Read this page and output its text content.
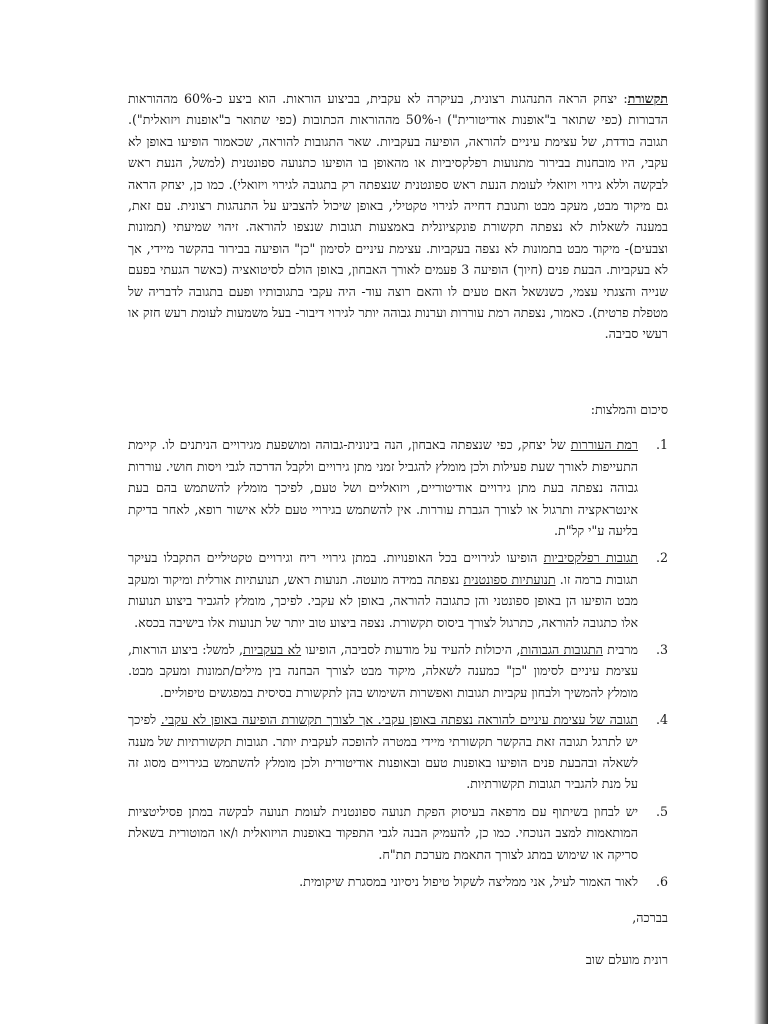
תקשורת: יצחק הראה התנהגות רצונית, בעיקרה לא עקבית, בביצוע הוראות. הוא ביצע כ-60% מההוראות הדבורות (כפי שתואר ב"אופנות אודיטורית") ו-50% מההוראות הכתובות (כפי שתואר ב"אופנות ויזואלית"). תגובה בודדת, של עצימת עיניים להוראה, הופיעה בעקביות. שאר התגובות להוראה, שכאמור הופיעו באופן לא עקבי, היו מובחנות בבירור מתנועות רפלקסיביות או מהאופן בו הופיעו כתנועה ספונטנית (למשל, הנעת ראש לבקשה וללא גירוי ויזואלי לעומת הנעת ראש ספונטנית שנצפתה רק בתגובה לגירוי ויזואלי). כמו כן, יצחק הראה גם מיקוד מבט, מעקב מבט ותגובת דחייה לגירוי טקטילי, באופן שיכול להצביע על התנהגות רצונית. עם זאת, במענה לשאלות לא נצפתה תקשורת פונקציונלית באמצעות תגובות שנצפו להוראה. זיהוי שמיעתי (תמונות וצבעים)- מיקוד מבט בתמונות לא נצפה בעקביות. עצימת עיניים לסימון "כן" הופיעה בבירור בהקשר מיידי, אך לא בעקביות. הבעת פנים (חיוך) הופיעה 3 פעמים לאורך האבחון, באופן הולם לסיטואציה (כאשר הגעתי בפעם שנייה והצגתי עצמי, כשנשאל האם טעים לו והאם רוצה עוד- היה עקבי בתגובותיו ופעם בתגובה לדבריה של מטפלת פרטית). כאמור, נצפתה רמת עוררות וערנות גבוהה יותר לגירוי דיבור- בעל משמעות לעומת רעש חזק או רעשי סביבה.

סיכום והמלצות:
1.
רמת העוררות של יצחק, כפי שנצפתה באבחון, הנה בינונית-גבוהה ומושפעת מגירויים הניתנים לו. קיימת התעייפות לאורך שעת פעילות ולכן מומלץ להגביל זמני מתן גירויים ולקבל הדרכה לגבי ויסות חושי. עוררות גבוהה נצפתה בעת מתן גירויים אודיטוריים, ויזואליים ושל טעם, לפיכך מומלץ להשתמש בהם בעת אינטראקציה ותרגול או לצורך הגברת עוררות. אין להשתמש בגירויי טעם ללא אישור רופא, לאחר בדיקת בליעה ע"י קל"ת.
2.
תגובות רפלקסיביות הופיעו לגירויים בכל האופנויות. במתן גירויי ריח וגירויים טקטיליים התקבלו בעיקר תגובות ברמה זו. תנועתיות ספונטנית נצפתה במידה מועטה. תנועות ראש, תנועתיות אורלית ומיקוד ומעקב מבט הופיעו הן באופן ספונטני והן כתגובה להוראה, באופן לא עקבי. לפיכך, מומלץ להגביר ביצוע תנועות אלו כתגובה להוראה, כתרגול לצורך ביסוס תקשורת. נצפה ביצוע טוב יותר של תנועות אלו בישיבה בכסא.
3.
מרבית התגובות הגבוהות, היכולות להעיד על מודעות לסביבה, הופיעו לא בעקביות, למשל: ביצוע הוראות, עצימת עיניים לסימון "כן" כמענה לשאלה, מיקוד מבט לצורך הבחנה בין מילים/תמונות ומעקב מבט. מומלץ להמשיך ולבחון עקביות תגובות ואפשרות השימוש בהן לתקשורת בסיסית במפגשים טיפוליים.
4.
תגובה של עצימת עיניים להוראה נצפתה באופן עקבי. אך לצורך תקשורת הופיעה באופן לא עקבי. לפיכך יש לתרגל תגובה זאת בהקשר תקשורתי מיידי במטרה להופכה לעקבית יותר. תגובות תקשורתיות של מענה לשאלה ובהבעת פנים הופיעו באופנות טעם ובאופנות אודיטורית ולכן מומלץ להשתמש בגירויים מסוג זה על מנת להגביר תגובות תקשורתיות.
5.
יש לבחון בשיתוף עם מרפאה בעיסוק הפקת תנועה ספונטנית לעומת תנועה לבקשה במתן פסיליטציות המותאמות למצב הנוכחי. כמו כן, להעמיק הבנה לגבי התפקוד באופנות הויזואלית ו/או המוטורית בשאלת סריקה או שימוש במתג לצורך התאמת מערכת תת"ח.
6.
לאור האמור לעיל, אני ממליצה לשקול טיפול ניסיוני במסגרת שיקומית.

בברכה,

רונית מועלם שוב
